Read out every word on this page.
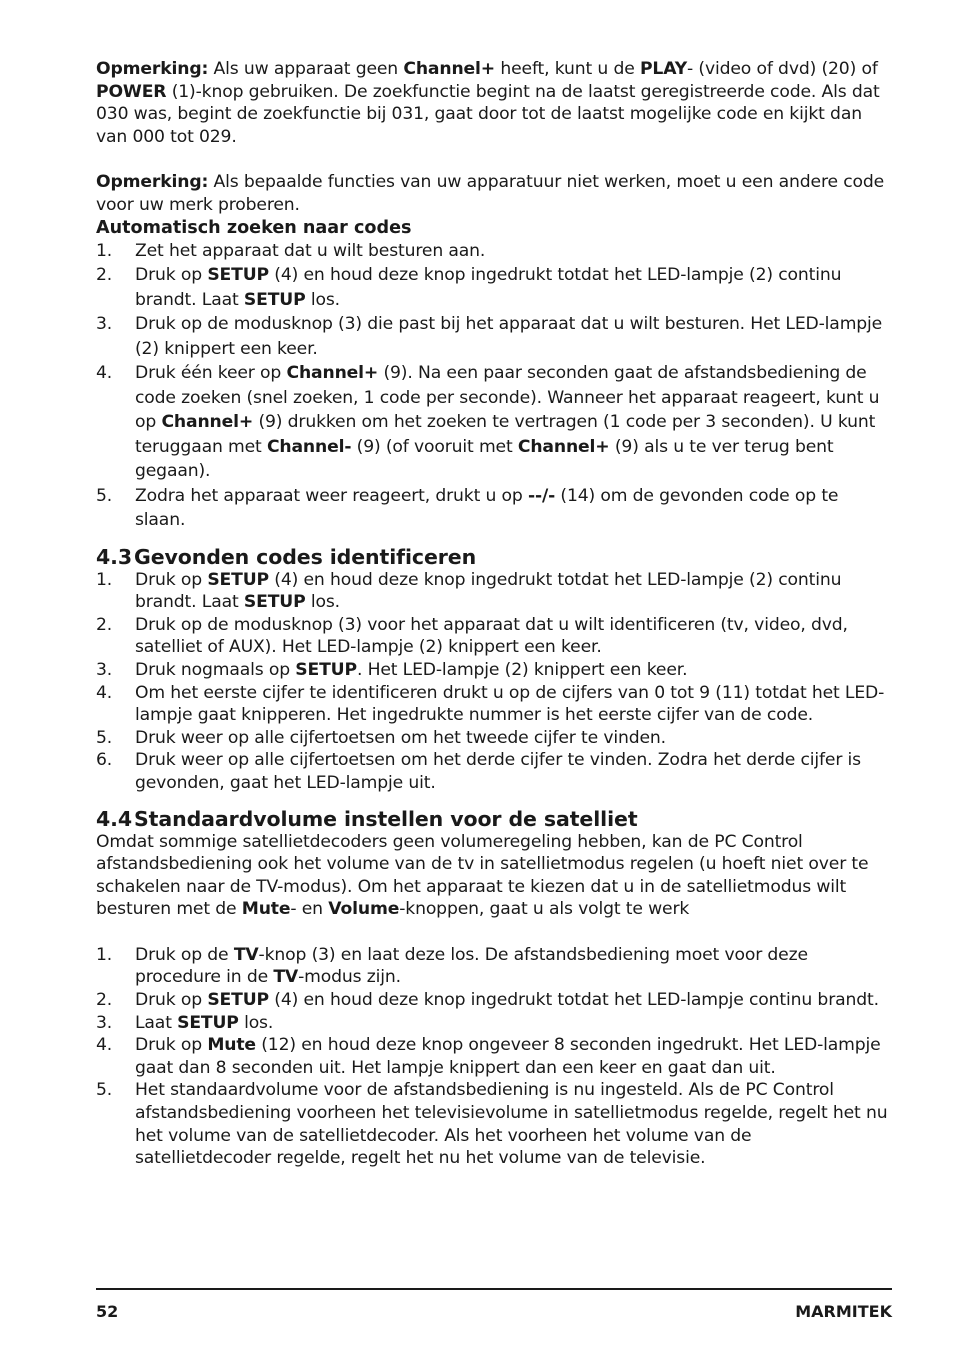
Opmerking: Als uw apparaat geen Channel+ heeft, kunt u de PLAY- (video of dvd) (20) of POWER (1)-knop gebruiken. De zoekfunctie begint na de laatst geregistreerde code. Als dat 030 was, begint de zoekfunctie bij 031, gaat door tot de laatst mogelijke code en kijkt dan van 000 tot 029.

Opmerking: Als bepaalde functies van uw apparatuur niet werken, moet u een andere code voor uw merk proberen.

Automatisch zoeken naar codes
1. Zet het apparaat dat u wilt besturen aan.
2. Druk op SETUP (4) en houd deze knop ingedrukt totdat het LED-lampje (2) continu brandt. Laat SETUP los.
3. Druk op de modusknop (3) die past bij het apparaat dat u wilt besturen. Het LED-lampje (2) knippert een keer.
4. Druk één keer op Channel+ (9). Na een paar seconden gaat de afstandsbediening de code zoeken (snel zoeken, 1 code per seconde). Wanneer het apparaat reageert, kunt u op Channel+ (9) drukken om het zoeken te vertragen (1 code per 3 seconden). U kunt teruggaan met Channel- (9) (of vooruit met Channel+ (9) als u te ver terug bent gegaan).
5. Zodra het apparaat weer reageert, drukt u op --/- (14) om de gevonden code op te slaan.
4.3Gevonden codes identificeren
1. Druk op SETUP (4) en houd deze knop ingedrukt totdat het LED-lampje (2) continu brandt. Laat SETUP los.
2. Druk op de modusknop (3) voor het apparaat dat u wilt identificeren (tv, video, dvd, satelliet of AUX). Het LED-lampje (2) knippert een keer.
3. Druk nogmaals op SETUP. Het LED-lampje (2) knippert een keer.
4. Om het eerste cijfer te identificeren drukt u op de cijfers van 0 tot 9 (11) totdat het LED-lampje gaat knipperen. Het ingedrukte nummer is het eerste cijfer van de code.
5. Druk weer op alle cijfertoetsen om het tweede cijfer te vinden.
6. Druk weer op alle cijfertoetsen om het derde cijfer te vinden. Zodra het derde cijfer is gevonden, gaat het LED-lampje uit.
4.4Standaardvolume instellen voor de satelliet

Omdat sommige satellietdecoders geen volumeregeling hebben, kan de PC Control afstandsbediening ook het volume van de tv in satellietmodus regelen (u hoeft niet over te schakelen naar de TV-modus). Om het apparaat te kiezen dat u in de satellietmodus wilt besturen met de Mute- en Volume-knoppen, gaat u als volgt te werk

1. Druk op de TV-knop (3) en laat deze los. De afstandsbediening moet voor deze procedure in de TV-modus zijn.
2. Druk op SETUP (4) en houd deze knop ingedrukt totdat het LED-lampje continu brandt.
3. Laat SETUP los.
4. Druk op Mute (12) en houd deze knop ongeveer 8 seconden ingedrukt. Het LED-lampje gaat dan 8 seconden uit. Het lampje knippert dan een keer en gaat dan uit.
5. Het standaardvolume voor de afstandsbediening is nu ingesteld. Als de PC Control afstandsbediening voorheen het televisievolume in satellietmodus regelde, regelt het nu het volume van de satellietdecoder. Als het voorheen het volume van de satellietdecoder regelde, regelt het nu het volume van de televisie.
52	MARMITEK
